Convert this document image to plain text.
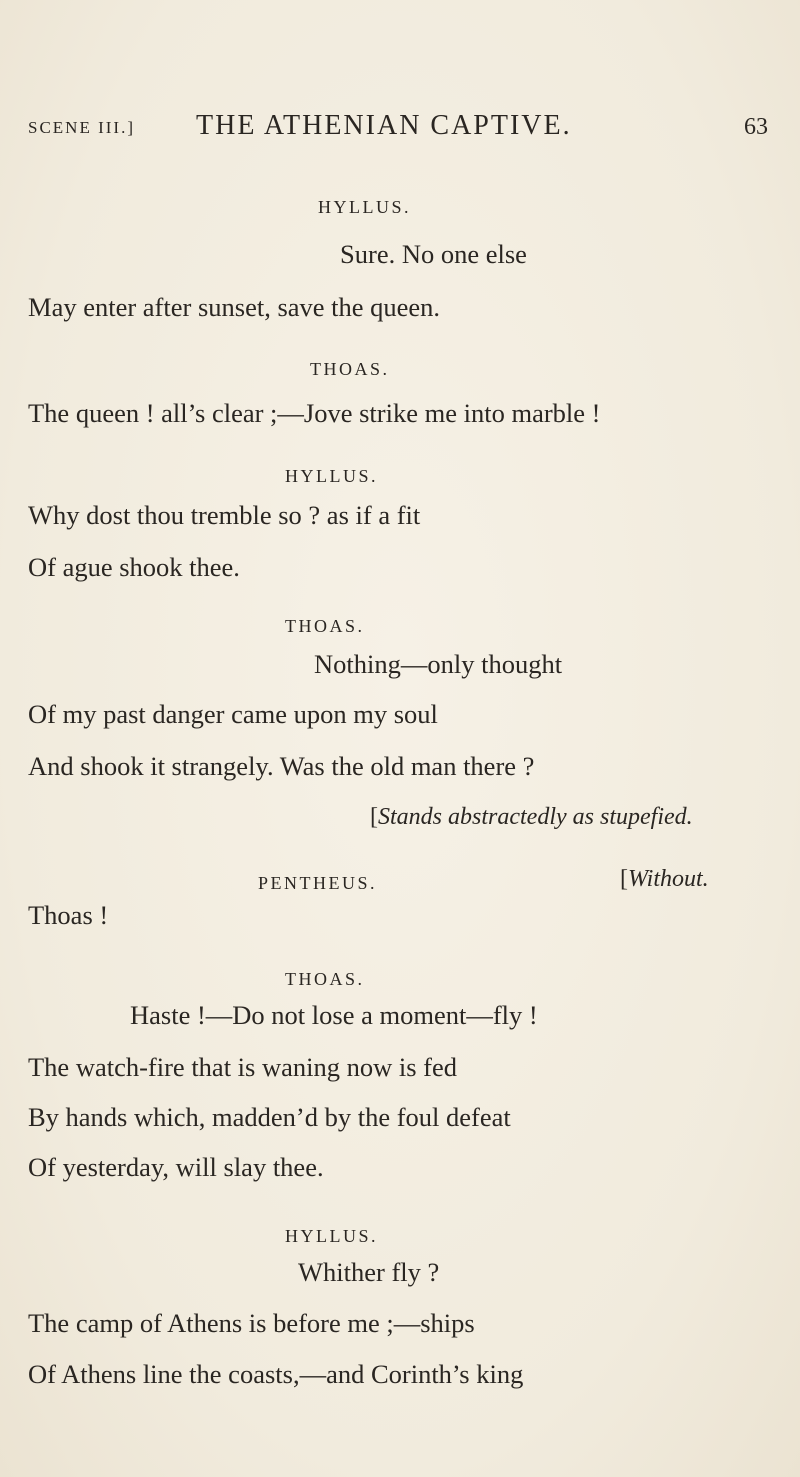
SCENE III.] THE ATHENIAN CAPTIVE.	63
HYLLUS.
Sure. No one else
May enter after sunset, save the queen.
THOAS.
The queen ! all’s clear ;—Jove strike me into marble !
HYLLUS.
Why dost thou tremble so ? as if a fit
Of ague shook thee.
THOAS.
Nothing—only thought
Of my past danger came upon my soul
And shook it strangely. Was the old man there ?
[Stands abstractedly as stupefied.
PENTHEUS.	[Without.
Thoas !
THOAS.
Haste !—Do not lose a moment—fly !
The watch-fire that is waning now is fed
By hands which, madden’d by the foul defeat
Of yesterday, will slay thee.
HYLLUS.
Whither fly ?
The camp of Athens is before me ;—ships
Of Athens line the coasts,—and Corinth’s king
